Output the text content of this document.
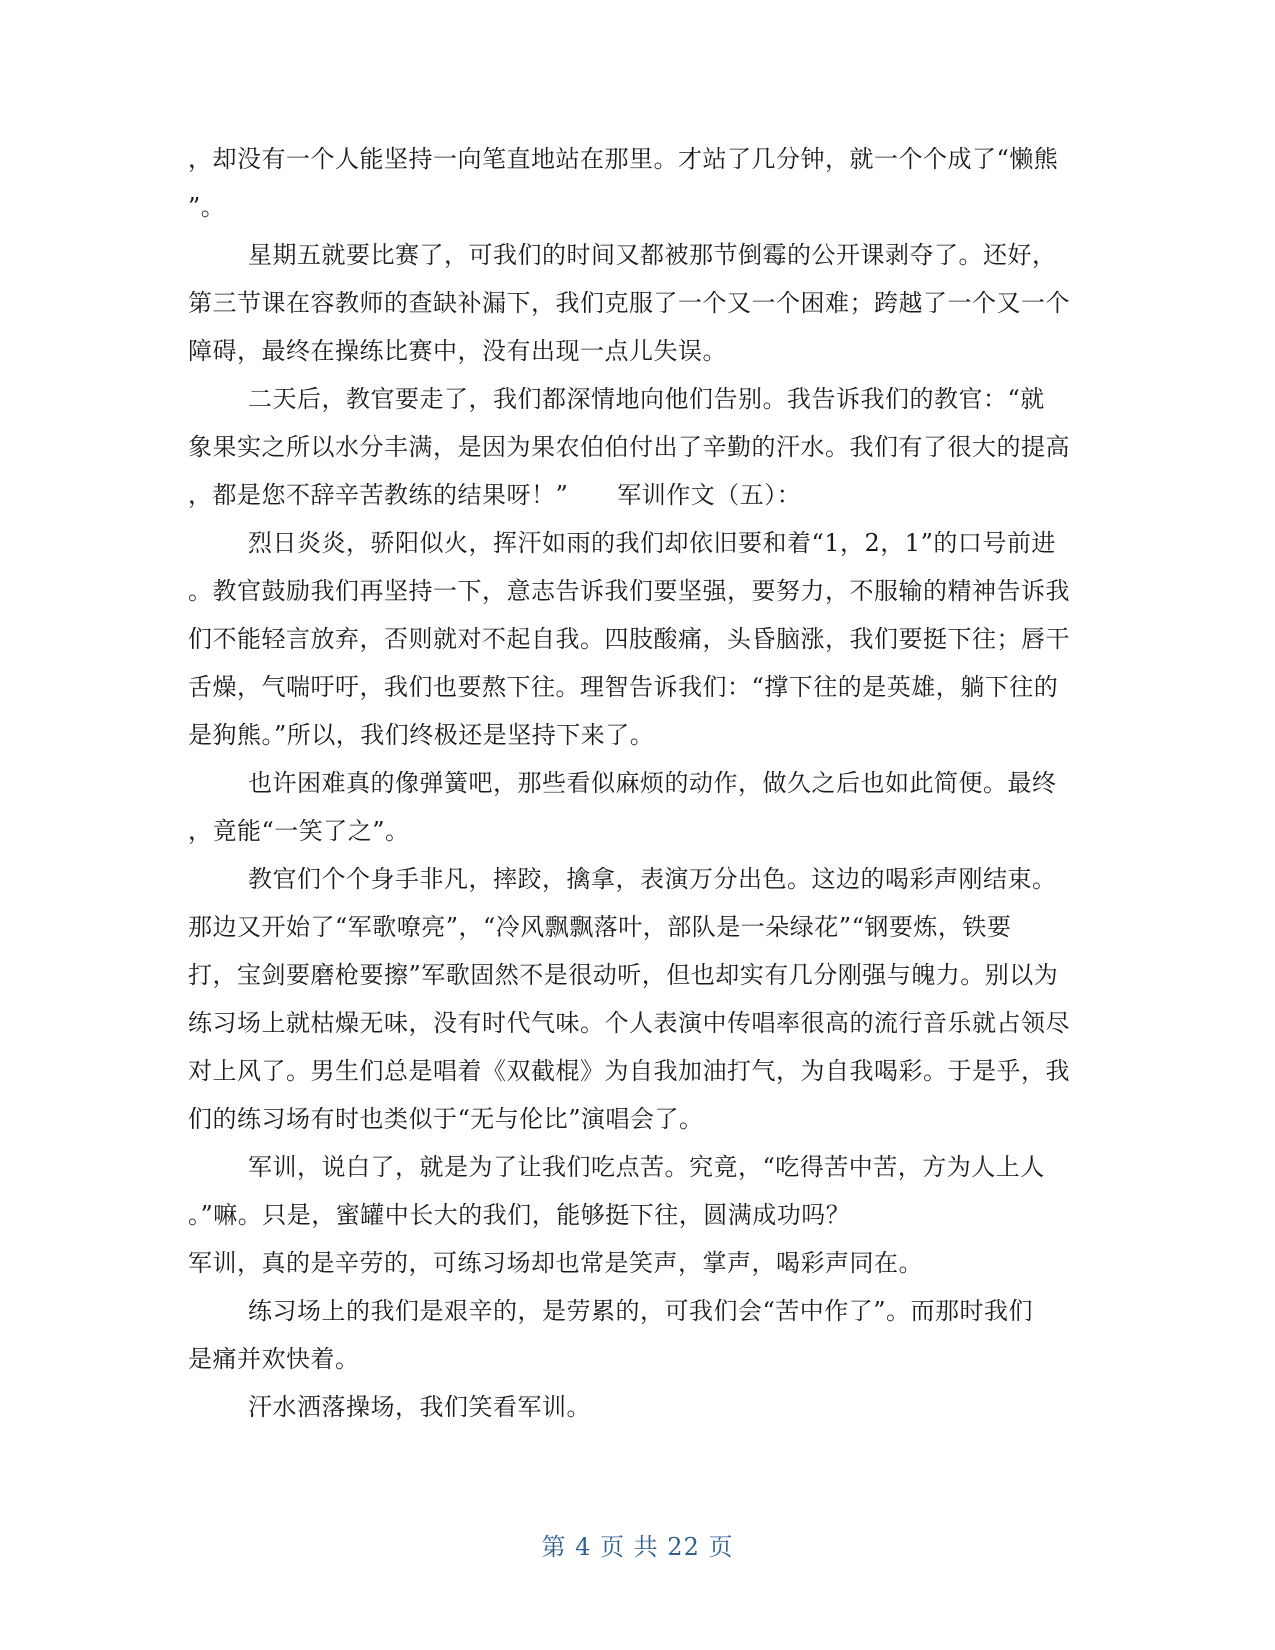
，却没有一个人能坚持一向笔直地站在那里。才站了几分钟，就一个个成了“懒熊
”。
星期五就要比赛了，可我们的时间又都被那节倒霉的公开课剥夺了。还好，
第三节课在容教师的查缺补漏下，我们克服了一个又一个困难；跨越了一个又一个
障碍，最终在操练比赛中，没有出现一点儿失误。
二天后，教官要走了，我们都深情地向他们告别。我告诉我们的教官：“就
象果实之所以水分丰满，是因为果农伯伯付出了辛勤的汗水。我们有了很大的提高
，都是您不辞辛苦教练的结果呀！”　　军训作文（五）：
烈日炎炎，骄阳似火，挥汗如雨的我们却依旧要和着“1，2，1”的口号前进
。教官鼓励我们再坚持一下，意志告诉我们要坚强，要努力，不服输的精神告诉我
们不能轻言放弃，否则就对不起自我。四肢酸痛，头昏脑涨，我们要挺下往；唇干
舌燥，气喘吁吁，我们也要熬下往。理智告诉我们：“撑下往的是英雄，躺下往的
是狗熊。”所以，我们终极还是坚持下来了。
也许困难真的像弹簧吧，那些看似麻烦的动作，做久之后也如此简便。最终
，竟能“一笑了之”。
教官们个个身手非凡，摔跤，擒拿，表演万分出色。这边的喝彩声刚结束。
那边又开始了“军歌嘹亮”，“冷风飘飘落叶，部队是一朵绿花”“钢要炼，铁要
打，宝剑要磨枪要擦”军歌固然不是很动听，但也却实有几分刚强与魄力。别以为
练习场上就枯燥无味，没有时代气味。个人表演中传唱率很高的流行音乐就占领尽
对上风了。男生们总是唱着《双截棍》为自我加油打气，为自我喝彩。于是乎，我
们的练习场有时也类似于“无与伦比”演唱会了。
军训，说白了，就是为了让我们吃点苦。究竟，“吃得苦中苦，方为人上人
。”嘛。只是，蜜罐中长大的我们，能够挺下往，圆满成功吗？
军训，真的是辛劳的，可练习场却也常是笑声，掌声，喝彩声同在。
练习场上的我们是艰辛的，是劳累的，可我们会“苦中作了”。而那时我们
是痛并欢快着。
汗水洒落操场，我们笑看军训。
第 4 页 共 22 页
